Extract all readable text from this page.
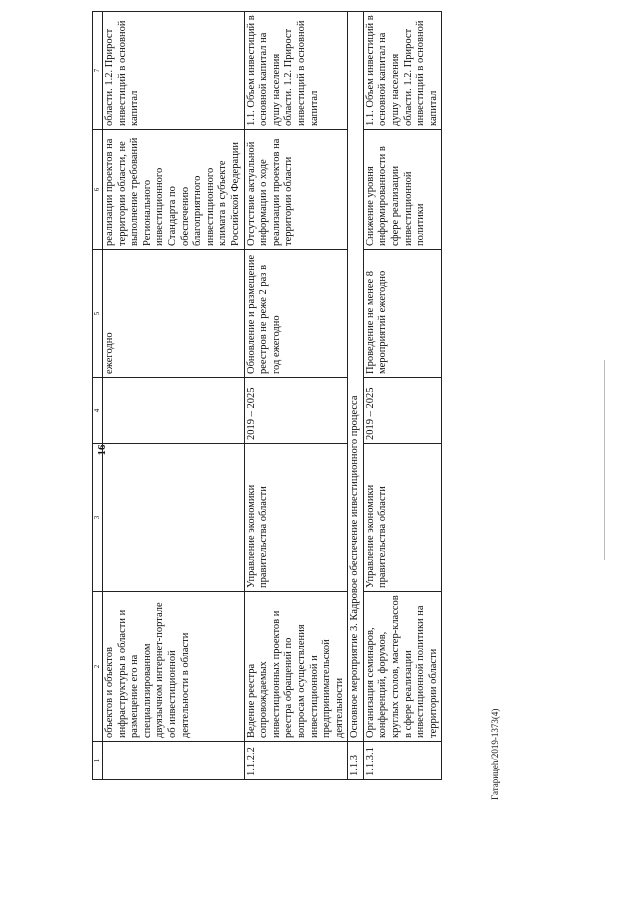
16
Гатарицеh/2019-1373(4)
1	2	3	4	5	6	7
	объектов и объектов инфраструктуры в области и размещение его на специализированном двуязычном интернет-портале об инвестиционной деятельности в области			ежегодно	реализации проектов на территории области, не выполнение требований Регионального инвестиционного Стандарта по обеспечению благоприятного инвестиционного климата в субъекте Российской Федерации	области. 1.2. Прирост инвестиций в основной капитал
1.1.2.2	Ведение реестра сопровождаемых инвестиционных проектов и реестра обращений по вопросам осуществления инвестиционной и предпринимательской деятельности	Управление экономики правительства области	2019 – 2025	Обновление и размещение реестров не реже 2 раз в год ежегодно	Отсутствие актуальной информации о ходе реализации проектов на территории области	1.1. Объем инвестиций в основной капитал на душу населения области. 1.2. Прирост инвестиций в основной капитал
1.1.3	Основное мероприятие 3. Кадровое обеспечение инвестиционного процесса					
1.1.3.1	Организация семинаров, конференций, форумов, круглых столов, мастер-классов в сфере реализации инвестиционной политики на территории области	Управление экономики правительства области	2019 – 2025	Проведение не менее 8 мероприятий ежегодно	Снижение уровня информированности в сфере реализации инвестиционной политики	1.1. Объем инвестиций в основной капитал на душу населения области. 1.2. Прирост инвестиций в основной капитал
